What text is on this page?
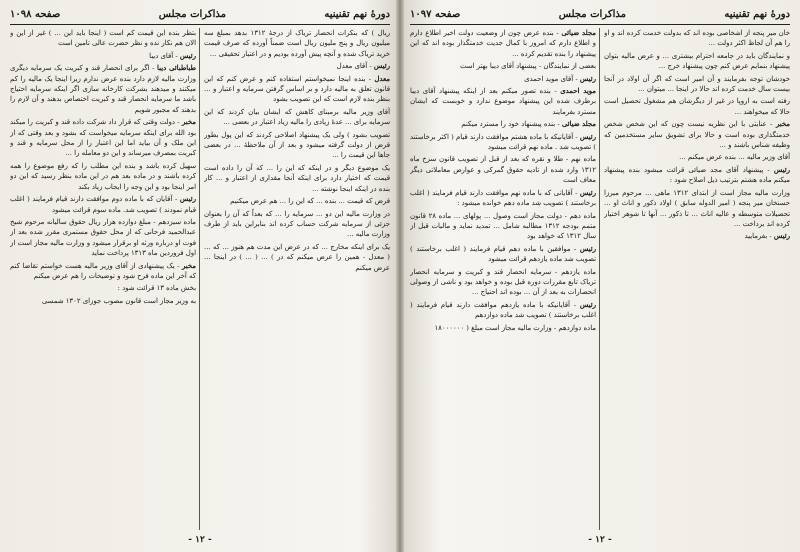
دورهٔ نهم تقنینیه
مذاکرات مجلس
صفحه ۱۰۹۸

ریال ) که بنکرات انحصار تریاک از درجهٔ ۱۳۱۲ بدهد بمبلغ سه میلیون ریال و پنج ملیون ریال است ضمناً آورده که صرف قیمت خرید تریاک شده و آنچه پیش آورده بودیم و در اعتبار تحقیقی ...

رئیس - آقای معدل

معدل - بنده اینجا نمیخواستم استفاده کنم و عرض کنم که این قانون تعلق به مالیه دارد و بر اساس گرفتن سرمایه و اعتبار و ... بنظر بنده لازم است که این تصویب بشود

آقای وزیر مالیه برمبنای کاهش که ایشان بیان کردند که این سرمایه برای ... عدهٔ زیادی را مالیه زیاد اعتبار در بعضی ...

تصویب بشود ) ولی یک پیشنهاد اصلاحی کردند که این پول بطور قرض از دولت گرفته میشود و بعد از آن ملاحظهٔ ... در بعضی جاها این قیمت را ...

یک موضوع دیگر و در اینکه که این را ... که آن را داده است قیمت که اختیار دارد برای اینکه آنجا مقداری از اعتبار و ... کار بنده در اینکه اینجا نوشته ...

قرض که قیمت ... بنده ... که این را ... هم عرض میکنیم

در وزارت مالیه این دو ... سرمایه را ... که بعداً که آن را بعنوان جزئی از سرمایه شرکت حساب کرده اند بنابراین باید از طرف وزارت مالیه ...

یک برای اینکه مخارج ... که در عرض این مدت هم هنوز ... که ... ( معدل - همین را عرض میکنم که در ) ... ( ... ) در اینجا ... عرض میکنم

بتظر بنده این قیمت کم است ( اینجا باید این ... ) غیر از این و الان هم نکار نده و نظر حضرت عالی تامین است

رئیس - آقای دیبا

طباطبائی دیبا - اگر برای انحصار قند و کبریت یک سرمایه دیگری وزارت مالیه لازم دارد بنده عرض ندارم زیرا اینجا یک مالیه را کم میکنند و میدهند بشرکت کارخانه سازی اگر اینکه سرمایه احتیاج باشد ما سرمایه انحصار قند و کبریت اختصاص بدهند و آن لازم را بدهند که مجبور شویم

مخبر - دولت وقتی که قرار داد شرکت داده قند و کبریت را میکند بود الله برای اینکه سرمایه میخواست که بشود و بعد وقتی که از این ملک و آن بیاید اما این اعتبار را از محل سرمایه و قند و کبریت بمصرف میرساند و این دو معامله را ...

سهیل کرده باشد و بنده این مطلب را که رفع موضوع را همه کرده باشند و در ماده بعد هم در این ماده بنظر رسید که این دو امر اینجا بود و این وجه را ایجاب زیاد بکند

رئیس - آقایان که با ماده دوم موافقت دارند قیام فرمایند ( اغلب قیام نمودند ) تصویب شد. ماده سوم قرائت میشود

ماده سیزدهم - مبلغ دوازده هزار ریال حقوق سالیانه مرحوم شیخ عبدالحمید فرحانی که از محل حقوق مستمری مقرر شده بعد از فوت او درباره ورثه او برقرار میشود و وزارت مالیه مجاز است از اول فروردین ماه ۱۳۱۳ پرداخت نماید

مخبر - یک پیشنهادی از آقای وزیر مالیه هست خواستم تقاضا کنم که آخر این ماده فرح شود و توضیحات را هم عرض میکنم

بخش ماده ۱۳ قرائت شود :

به وزیر مجاز است قانون مصوب جوزای ۱۳۰۲ شمسی

- ۱۲ -
دورهٔ نهم تقنینیه
مذاکرات مجلس
صفحه ۱۰۹۷

خان میر پنجه از اشخاصی بوده اند که بدولت خدمت کرده اند و او را هم آن لجاظ اکثر دولت ...

و نمایندگان باید در جامعه احترام بیشتری ... و عرض مالیه بتوان پیشنهاد بنمایم عرض کنم چون پیشنهاد خرج ...

خودشان توجه بفرمایند و آن امیر است که اگر آن اولاد در آنجا بیست سال خدمت کرده اند حالا در اینجا ... میتوان ...

رفته است به اروپا در غیر از دیگرشان هم مشغول تحصیل است حالا که میخواهند ...

مخبر - عنایتی با این نظریه نیست چون که این شخص شخص خدمتگذاری بوده است و حالا برای تشویق سایر مستخدمین که وظیفه شناس باشند و ...

آقای وزیر مالیه ... بنده عرض میکنم ...

رئیس - پیشنهاد آقای مجد ضیائی قرائت میشود بنده پیشنهاد میکنم ماده هشتم بترتیب ذیل اصلاح شود :

وزارت مالیه مجاز است از ابتدای ۱۳۱۲ ماهی ... مرحوم میرزا حسنخان میر پنجه ( امیر الدوله سابق ) اولاد ذکور و اناث او ... تحصیلات متوسطه و عالیه اناث ... تا ذکور ... آنها تا شوهر اختیار کرده اند برداخت ...

رئیس - بفرمایید

مجلد ضیائی - بنده عرض چون از وضعیت دولت اخیر اطلاع دارم و اطلاع دارم که امروز با کمال جدیت خدمتگذار بوده اند که این پیشنهاد را بنده تقدیم کرده ...

بعضی از نمایندگان - پیشنهاد آقای دیبا بهتر است

رئیس - آقای موید احمدی

موید احمدی - بنده تصور میکنم بعد از اینکه پیشنهاد آقای دیبا برطرف شده این پیشنهاد موضوع ندارد و خوبست که ایشان مسترد بفرمایند

مجلد ضیائی - بنده پیشنهاد خود را مسترد میکنم

رئیس - آقایانیکه با ماده هشتم موافقت دارند قیام ( اکثر برخاستند ) تصویب شد . ماده نهم قرائت میشود

ماده نهم - طلا و نقره که بعد از قبل از تصویب قانون سرخ ماه ۱۳۱۲ وارد شده از تادیه حقوق گمرکی و عوارض معاملاتی دیگر معاف است

رئیس - آقایانی که با ماده نهم موافقت دارند قیام فرمایند ( اغلب برخاستند ) تصویب شد ماده دهم خوانده میشود :

ماده دهم - دولت مجاز است وصول ... پولهای ... ماده ۲۸ قانون متمم بودجه ۱۳۱۲ مطالبه شامل ... تمدید نماید و مالیات قبل از سال ۱۳۱۲ که خواهد بود

رئیس - موافقین با ماده دهم قیام فرمایند ( اغلب برخاستند ) تصویب شد ماده یازدهم قرائت میشود

ماده یازدهم - سرمایه انحصار قند و کبریت و سرمایه انحصار تریاک تابع مقررات دوره قبل بوده و خواهد بود و ناشی از وصولی انحصارات به بعد از آن ... بوده اند احتیاج ...

رئیس - آقایانیکه با ماده یازدهم موافقت دارند قیام فرمایند ( اغلب برخاستند ) تصویب شد ماده دوازدهم

ماده دوازدهم - وزارت مالیه مجاز است مبلغ ( ۱۸۰۰۰۰۰۰

- ۱۲ -
